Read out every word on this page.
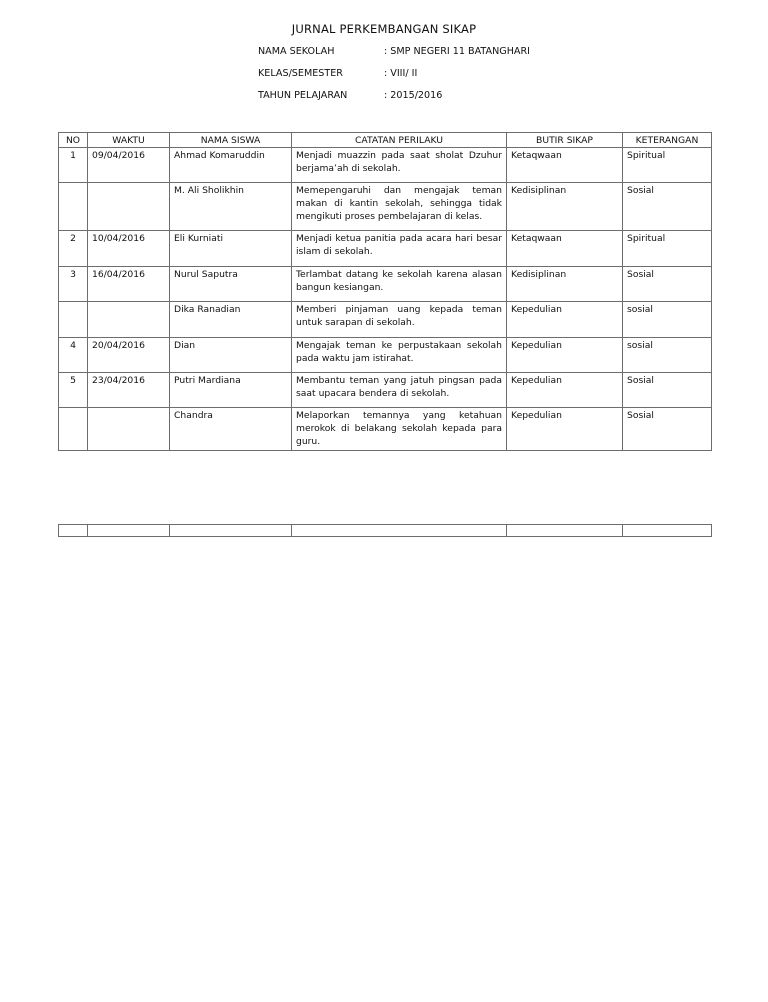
JURNAL PERKEMBANGAN SIKAP
NAMA SEKOLAH	: SMP NEGERI 11 BATANGHARI
KELAS/SEMESTER	: VIII/ II
TAHUN PELAJARAN	: 2015/2016
NO	WAKTU	NAMA SISWA	CATATAN PERILAKU	BUTIR SIKAP	KETERANGAN
1	09/04/2016	Ahmad Komaruddin	Menjadi muazzin pada saat sholat Dzuhur berjama’ah di sekolah.	Ketaqwaan	Spiritual
		M. Ali Sholikhin	Memepengaruhi dan mengajak teman makan di kantin sekolah, sehingga tidak mengikuti proses pembelajaran di kelas.	Kedisiplinan	Sosial
2	10/04/2016	Eli Kurniati	Menjadi ketua panitia pada acara hari besar islam di sekolah.	Ketaqwaan	Spiritual
3	16/04/2016	Nurul Saputra	Terlambat datang ke sekolah karena alasan bangun kesiangan.	Kedisiplinan	Sosial
		Dika Ranadian	Memberi pinjaman uang kepada teman untuk sarapan di sekolah.	Kepedulian	sosial
4	20/04/2016	Dian	Mengajak teman ke perpustakaan sekolah pada waktu jam istirahat.	Kepedulian	sosial
5	23/04/2016	Putri Mardiana	Membantu teman yang jatuh pingsan pada saat upacara bendera di sekolah.	Kepedulian	Sosial
		Chandra	Melaporkan temannya yang ketahuan merokok di belakang sekolah kepada para guru.	Kepedulian	Sosial
